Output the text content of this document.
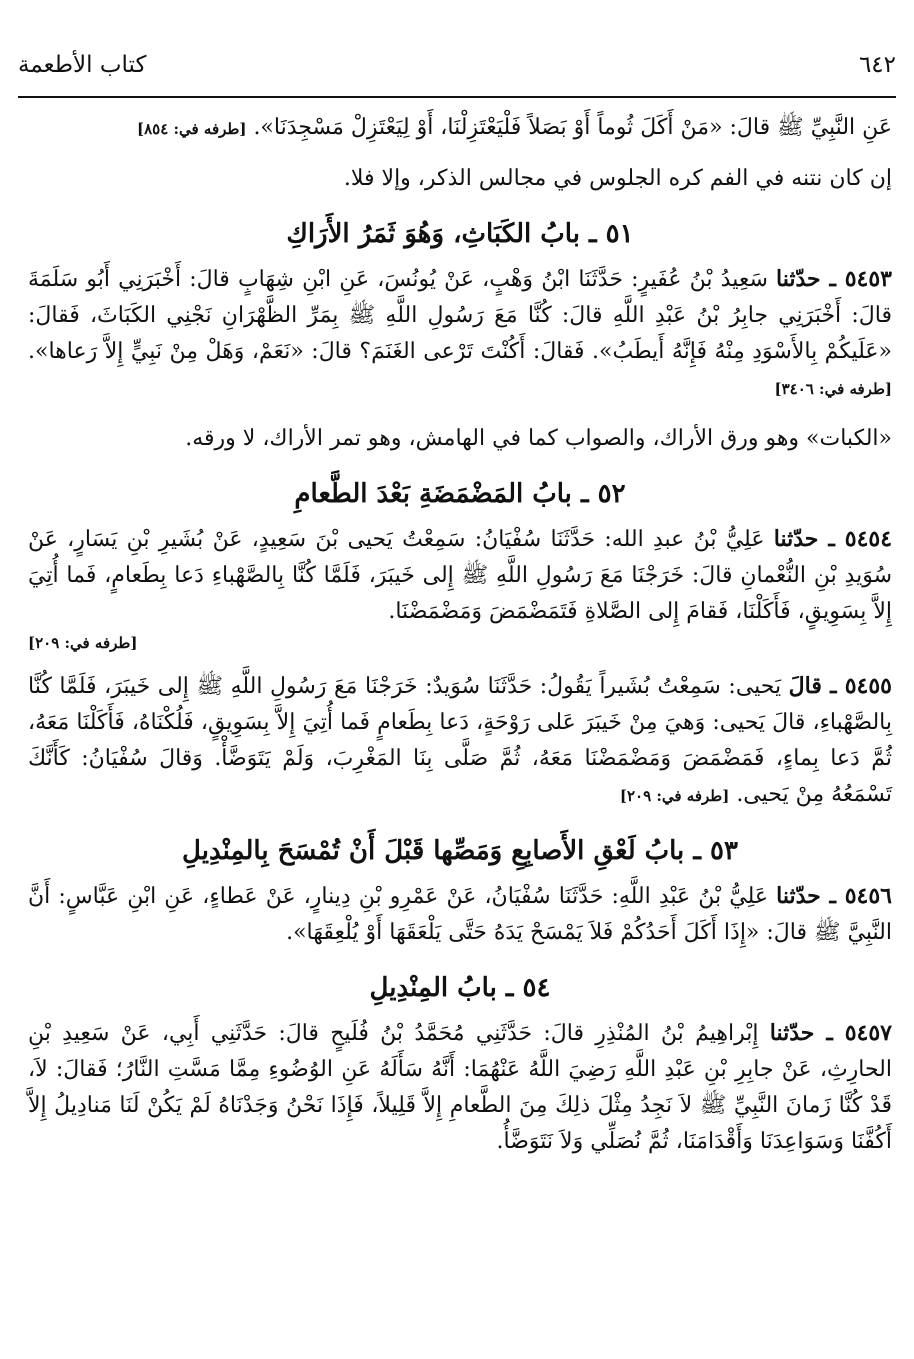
٦٤٢
كتاب الأطعمة

عَنِ النَّبِيِّ ﷺ قالَ: «مَنْ أَكَلَ ثُوماً أَوْ بَصَلاً فَلْيَعْتَزِلْنَا، أَوْ لِيَعْتَزِلْ مَسْجِدَنَا». [طرفه في: ٨٥٤]

إن كان نتنه في الفم كره الجلوس في مجالس الذكر، وإلا فلا.

٥١ ـ بابُ الكَبَاثِ، وَهُوَ ثَمَرُ الأَرَاكِ

٥٤٥٣ ـ حدّثنا سَعِيدُ بْنُ عُفَيرٍ: حَدَّثَنَا ابْنُ وَهْبٍ، عَنْ يُونُسَ، عَنِ ابْنِ شِهَابٍ قالَ: أَخْبَرَنِي أَبُو سَلَمَةَ قالَ: أَخْبَرَنِي جابِرُ بْنُ عَبْدِ اللَّهِ قالَ: كُنَّا مَعَ رَسُولِ اللَّهِ ﷺ بِمَرِّ الظَّهْرَانِ نَجْنِي الكَبَاثَ، فَقالَ: «عَلَيكُمْ بِالأَسْوَدِ مِنْهُ فَإِنَّهُ أَيطَبُ». فَقالَ: أَكُنْتَ تَرْعى الغَنَمَ؟ قالَ: «نَعَمْ، وَهَلْ مِنْ نَبِيٍّ إِلاَّ رَعاها». [طرفه في: ٣٤٠٦]

«الكبات» وهو ورق الأراك، والصواب كما في الهامش، وهو تمر الأراك، لا ورقه.

٥٢ ـ بابُ المَضْمَضَةِ بَعْدَ الطَّعامِ

٥٤٥٤ ـ حدّثنا عَلِيُّ بْنُ عبدِ الله: حَدَّثَنَا سُفْيَانُ: سَمِعْتُ يَحيى بْنَ سَعِيدٍ، عَنْ بُشَيرِ بْنِ يَسَارٍ، عَنْ سُوَيدِ بْنِ النُّعْمانِ قالَ: خَرَجْنَا مَعَ رَسُولِ اللَّهِ ﷺ إِلى خَيبَرَ، فَلَمَّا كُنَّا بِالصَّهْباءِ دَعا بِطَعامٍ، فَما أُتِيَ إِلاَّ بِسَوِيقٍ، فَأَكَلْنَا، فَقامَ إِلى الصَّلاةِ فَتَمَضْمَضَ وَمَضْمَضْنَا.

[طرفه في: ٢٠٩]

٥٤٥٥ ـ قالَ يَحيى: سَمِعْتُ بُشَيراً يَقُولُ: حَدَّثَنَا سُوَيدٌ: خَرَجْنَا مَعَ رَسُولِ اللَّهِ ﷺ إِلى خَيبَرَ، فَلَمَّا كُنَّا بِالصَّهْباءِ، قالَ يَحيى: وَهيَ مِنْ خَيبَرَ عَلى رَوْحَةٍ، دَعا بِطَعامٍ فَما أُتِيَ إِلاَّ بِسَوِيقٍ، فَلُكْنَاهُ، فَأَكَلْنَا مَعَهُ، ثُمَّ دَعا بِماءٍ، فَمَضْمَضَ وَمَضْمَضْنَا مَعَهُ، ثُمَّ صَلَّى بِنَا المَغْرِبَ، وَلَمْ يَتَوَضَّأْ. وَقالَ سُفْيَانُ: كَأَنَّكَ تَسْمَعُهُ مِنْ يَحيى. [طرفه في: ٢٠٩]

٥٣ ـ بابُ لَعْقِ الأَصابِعِ وَمَصِّها قَبْلَ أَنْ تُمْسَحَ بِالمِنْدِيلِ

٥٤٥٦ ـ حدّثنا عَلِيُّ بْنُ عَبْدِ اللَّهِ: حَدَّثَنَا سُفْيَانُ، عَنْ عَمْرِو بْنِ دِينارٍ، عَنْ عَطاءٍ، عَنِ ابْنِ عَبَّاسٍ: أَنَّ النَّبِيَّ ﷺ قالَ: «إِذَا أَكَلَ أَحَدُكُمْ فَلاَ يَمْسَحْ يَدَهُ حَتَّى يَلْعَقَهَا أَوْ يُلْعِقَهَا».

٥٤ ـ بابُ المِنْدِيلِ

٥٤٥٧ ـ حدّثنا إِبْراهِيمُ بْنُ المُنْذِرِ قالَ: حَدَّثَنِي مُحَمَّدُ بْنُ فُلَيحٍ قالَ: حَدَّثَنِي أَبِي، عَنْ سَعِيدِ بْنِ الحارِثِ، عَنْ جابِرِ بْنِ عَبْدِ اللَّهِ رَضِيَ اللَّهُ عَنْهُمَا: أَنَّهُ سَأَلَهُ عَنِ الوُضُوءِ مِمَّا مَسَّتِ النَّارُ؛ فَقالَ: لاَ، قَدْ كُنَّا زَمانَ النَّبِيِّ ﷺ لاَ نَجِدُ مِثْلَ ذلِكَ مِنَ الطَّعامِ إِلاَّ قَلِيلاً، فَإِذَا نَحْنُ وَجَدْنَاهُ لَمْ يَكُنْ لَنَا مَنادِيلُ إِلاَّ أَكُفَّنَا وَسَوَاعِدَنَا وَأَقْدَامَنَا، ثُمَّ نُصَلِّي وَلاَ نَتَوَضَّأُ.
